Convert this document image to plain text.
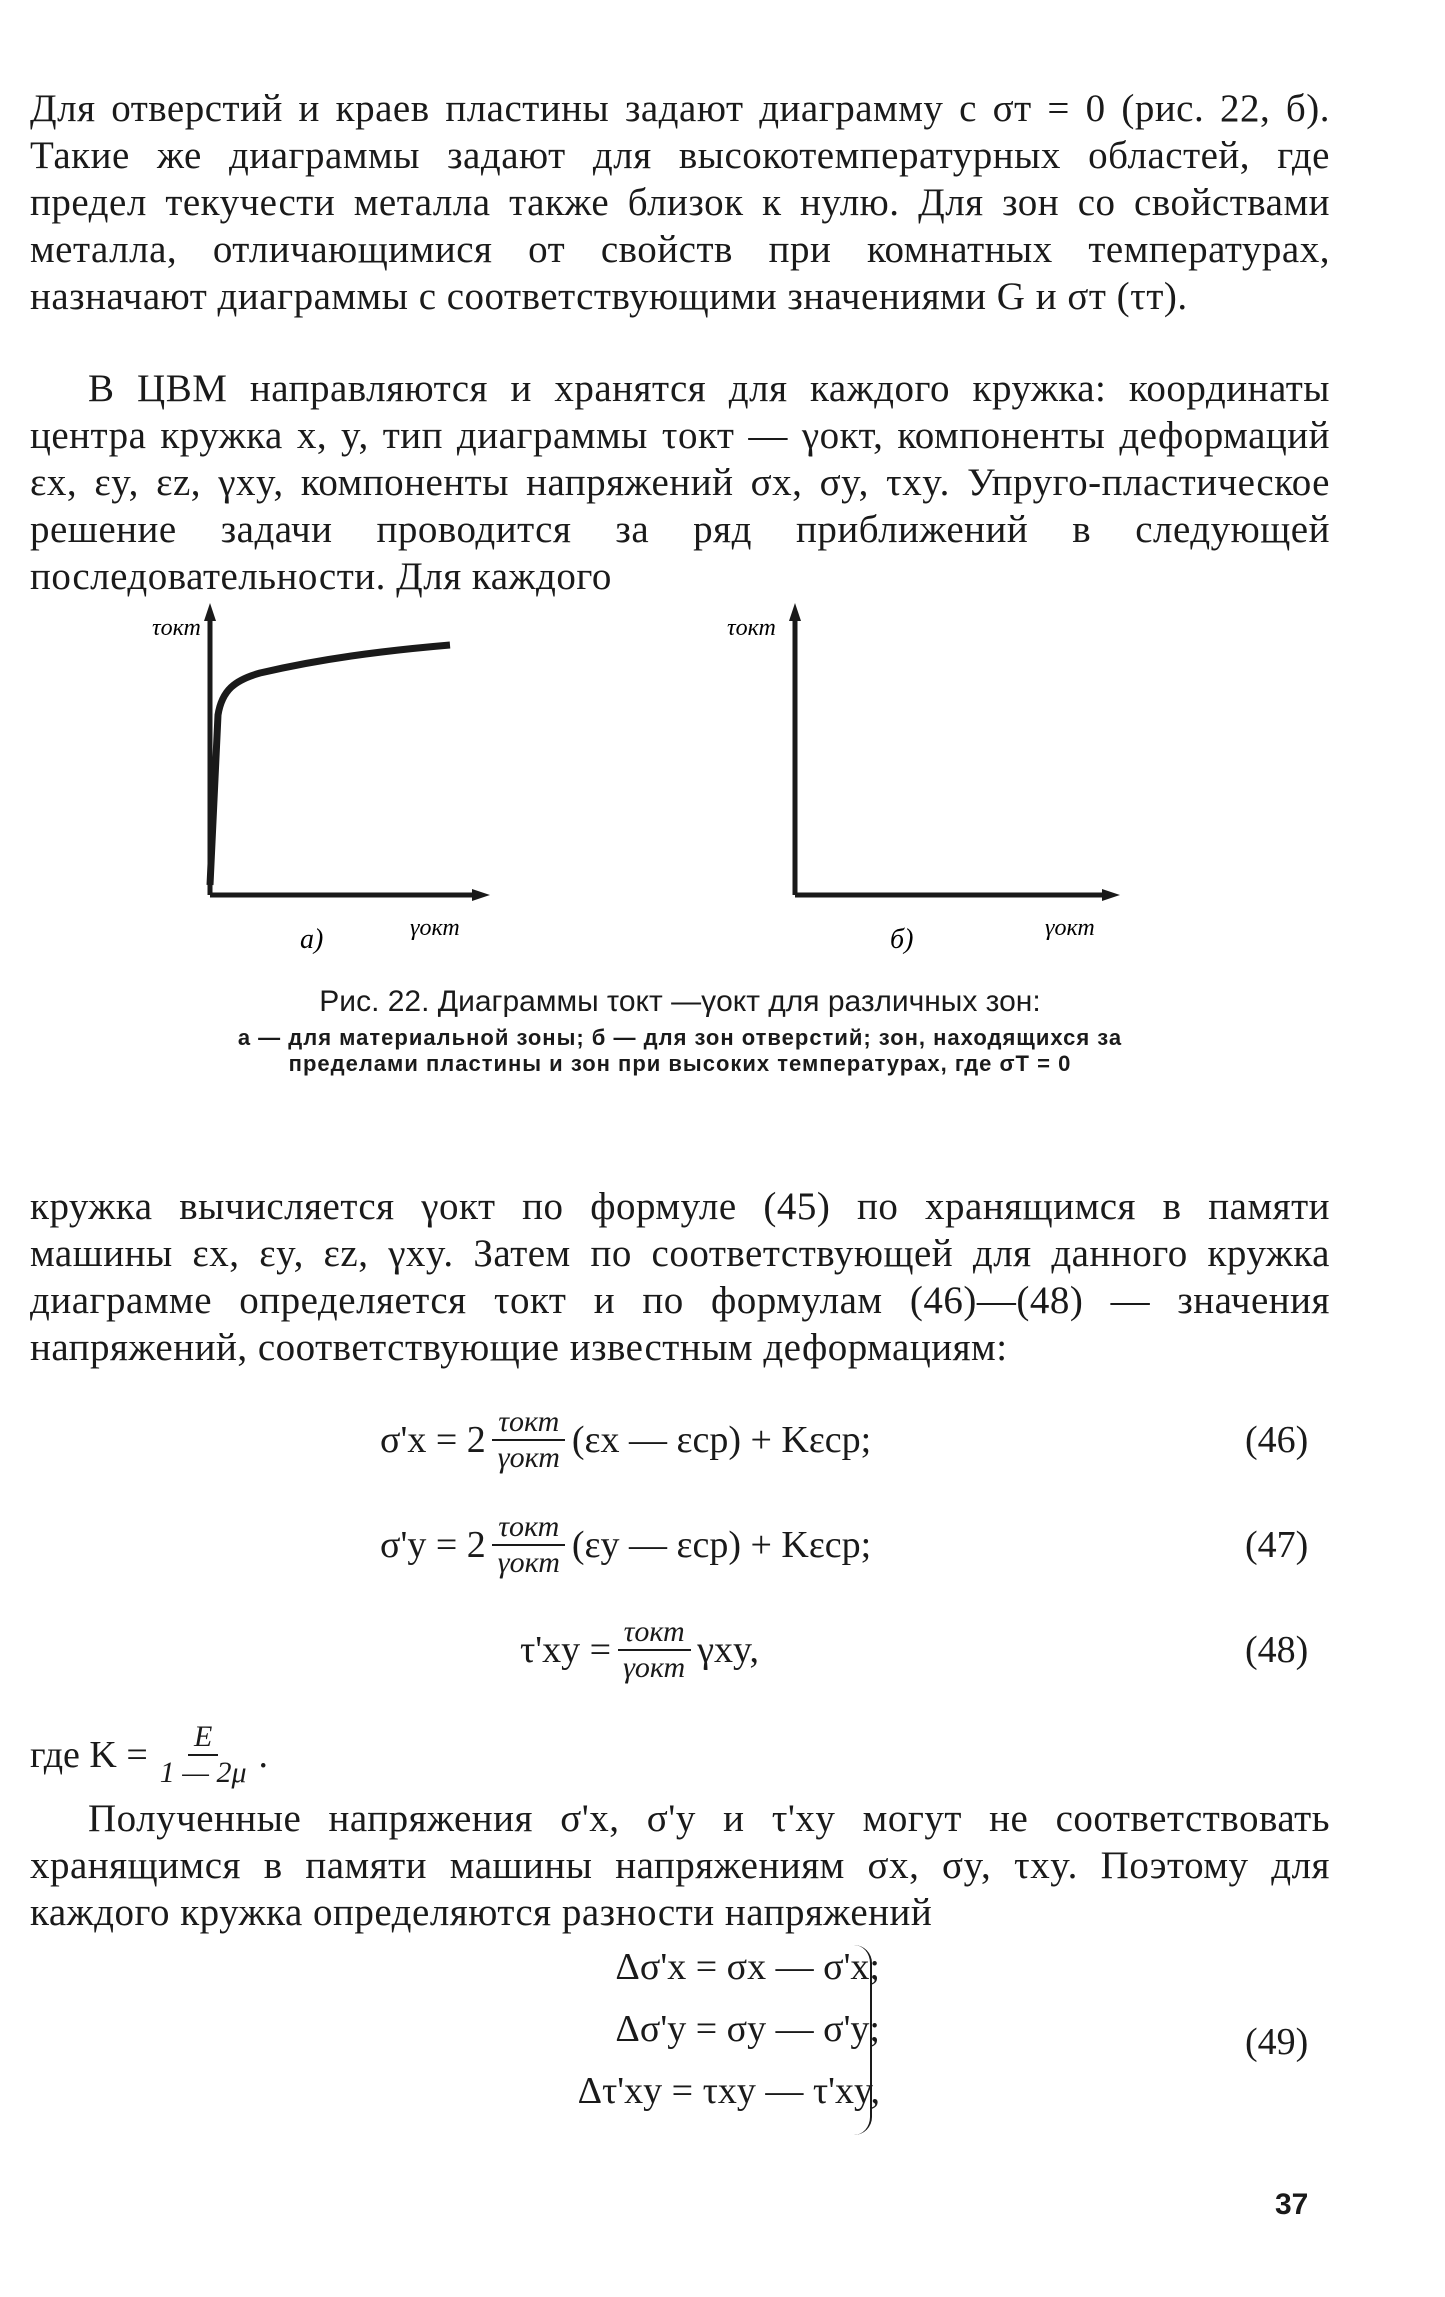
Для отверстий и краев пластины задают диаграмму с σт = 0 (рис. 22, б). Такие же диаграммы задают для высокотемпературных областей, где предел текучести металла также близок к нулю. Для зон со свойствами металла, отличающимися от свойств при комнатных температурах, назначают диаграммы с соответствующими значениями G и σт (τт).
В ЦВМ направляются и хранятся для каждого кружка: координаты центра кружка x, y, тип диаграммы τокт — γокт, компоненты деформаций εx, εy, εz, γxy, компоненты напряжений σx, σy, τxy. Упруго-пластическое решение задачи проводится за ряд приближений в следующей последовательности. Для каждого
τокт
γокт
а)
τокт
γокт
б)
Рис. 22. Диаграммы τокт —γокт для различных зон:
а — для материальной зоны; б — для зон отверстий; зон, находящихся за пределами пластины и зон при высоких температурах, где σТ = 0
кружка вычисляется γокт по формуле (45) по хранящимся в памяти машины εx, εy, εz, γxy. Затем по соответствующей для данного кружка диаграмме определяется τокт и по формулам (46)—(48) — значения напряжений, соответствующие известным деформациям:
$\sigma'x = 2 \frac{\text{τокт}}{\text{γокт}} (\varepsilon x$ — εср) + Kεср;	(46)
$\sigma'y = 2 \frac{\text{τокт}}{\text{γокт}} (\varepsilon y$ — εср) + Kεср;	(47)
$\tau'xy = \frac{\text{τокт}}{\text{γокт}} \gamma xy$,	(48)
где $K = \frac{E}{1 — 2\mu}$ .
Полученные напряжения σ'x, σ'y и τ'xy могут не соответствовать хранящимся в памяти машины напряжениям σx, σy, τxy. Поэтому для каждого кружка определяются разности напряжений
Δσ'x = σx — σ'x;
Δσ'y = σy — σ'y;
Δτ'xy = τxy — τ'xy,
(49)
37
